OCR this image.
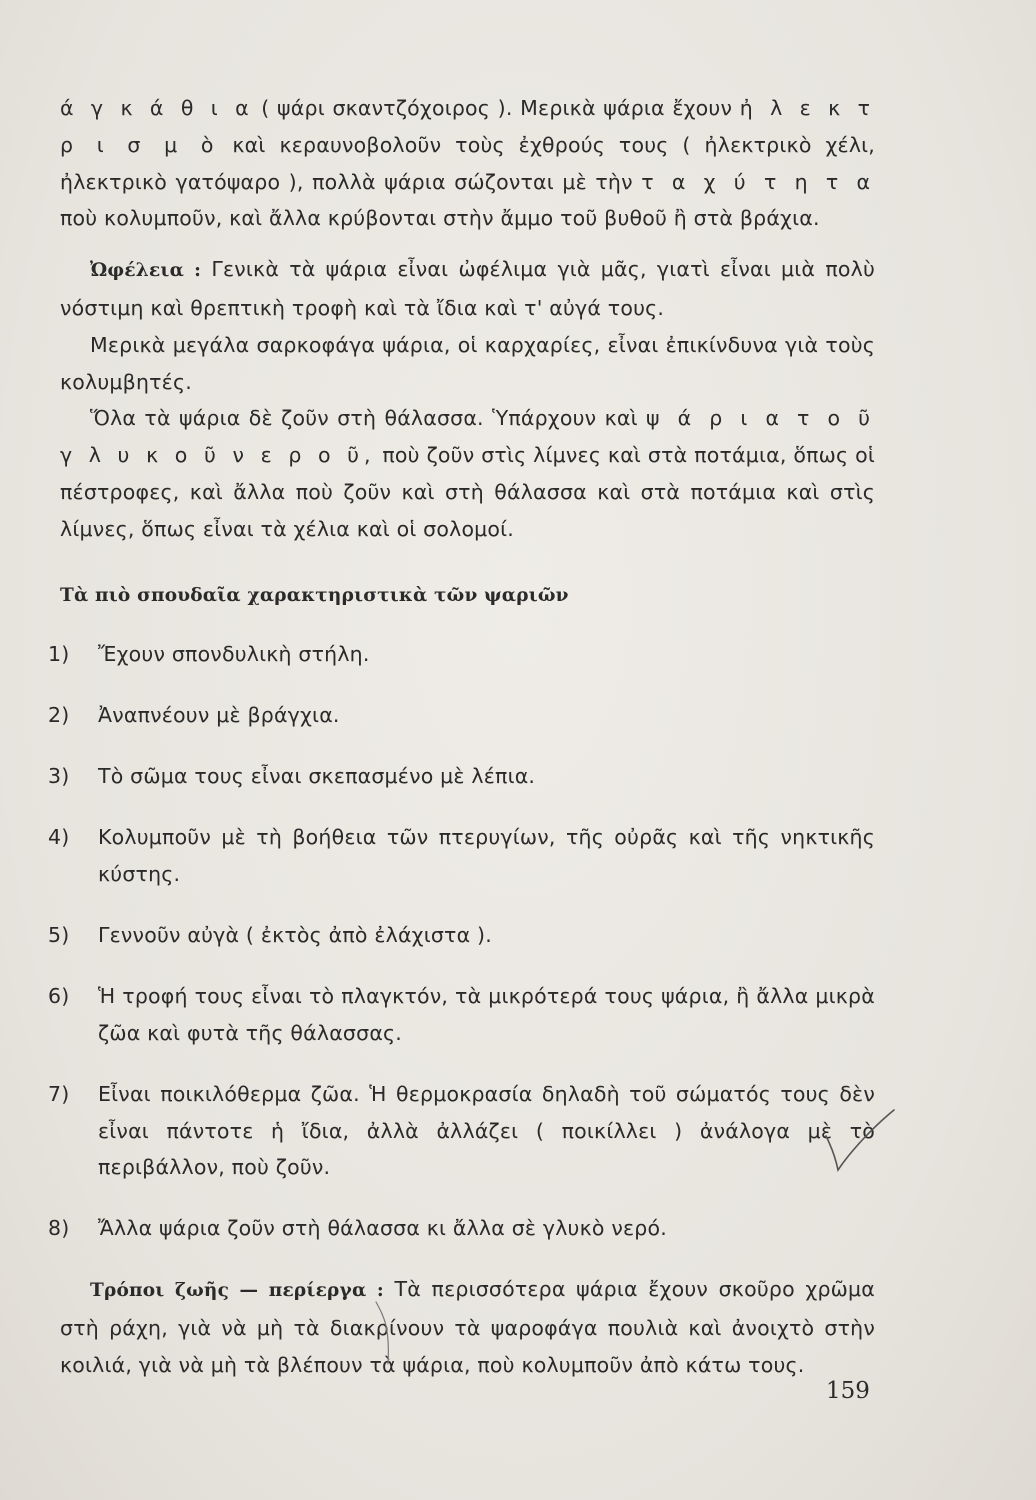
ά γ κ ά θ ι α ( ψάρι σκαντζόχοιρος ). Μερικὰ ψάρια ἔχουν ἠ λ ε κ τ ρ ι σ μ ὸ καὶ κεραυνοβολοῦν τοὺς ἐχθρούς τους ( ἠλεκτρικὸ χέλι, ἠλεκτρικὸ γατόψαρο ), πολλὰ ψάρια σώζονται μὲ τὴν τ α χ ύ τ η τ α ποὺ κολυμποῦν, καὶ ἄλλα κρύβονται στὴν ἄμμο τοῦ βυθοῦ ἢ στὰ βράχια.

Ὠφέλεια : Γενικὰ τὰ ψάρια εἶναι ὠφέλιμα γιὰ μᾶς, γιατὶ εἶναι μιὰ πολὺ νόστιμη καὶ θρεπτικὴ τροφὴ καὶ τὰ ἴδια καὶ τ' αὐγά τους.

Μερικὰ μεγάλα σαρκοφάγα ψάρια, οἱ καρχαρίες, εἶναι ἐπικίνδυνα γιὰ τοὺς κολυμβητές.

Ὅλα τὰ ψάρια δὲ ζοῦν στὴ θάλασσα. Ὑπάρχουν καὶ ψ ά ρ ι α τ ο ῦ γ λ υ κ ο ῦ ν ε ρ ο ῦ, ποὺ ζοῦν στὶς λίμνες καὶ στὰ ποτάμια, ὅπως οἱ πέστροφες, καὶ ἄλλα ποὺ ζοῦν καὶ στὴ θάλασσα καὶ στὰ ποτάμια καὶ στὶς λίμνες, ὅπως εἶναι τὰ χέλια καὶ οἱ σολομοί.

Τὰ πιὸ σπουδαῖα χαρακτηριστικὰ τῶν ψαριῶν

1) Ἔχουν σπονδυλικὴ στήλη.
2) Ἀναπνέουν μὲ βράγχια.
3) Τὸ σῶμα τους εἶναι σκεπασμένο μὲ λέπια.
4) Κολυμποῦν μὲ τὴ βοήθεια τῶν πτερυγίων, τῆς οὐρᾶς καὶ τῆς νηκτικῆς κύστης.
5) Γεννοῦν αὐγὰ ( ἐκτὸς ἀπὸ ἐλάχιστα ).
6) Ἡ τροφή τους εἶναι τὸ πλαγκτόν, τὰ μικρότερά τους ψάρια, ἢ ἄλλα μικρὰ ζῶα καὶ φυτὰ τῆς θάλασσας.
7) Εἶναι ποικιλόθερμα ζῶα. Ἡ θερμοκρασία δηλαδὴ τοῦ σώματός τους δὲν εἶναι πάντοτε ἡ ἴδια, ἀλλὰ ἀλλάζει ( ποικίλλει ) ἀνάλογα μὲ τὸ περιβάλλον, ποὺ ζοῦν.
8) Ἄλλα ψάρια ζοῦν στὴ θάλασσα κι ἄλλα σὲ γλυκὸ νερό.

Τρόποι ζωῆς — περίεργα : Τὰ περισσότερα ψάρια ἔχουν σκοῦρο χρῶμα στὴ ράχη, γιὰ νὰ μὴ τὰ διακρίνουν τὰ ψαροφάγα πουλιὰ καὶ ἀνοιχτὸ στὴν κοιλιά, γιὰ νὰ μὴ τὰ βλέπουν τὰ ψάρια, ποὺ κολυμποῦν ἀπὸ κάτω τους.

159
